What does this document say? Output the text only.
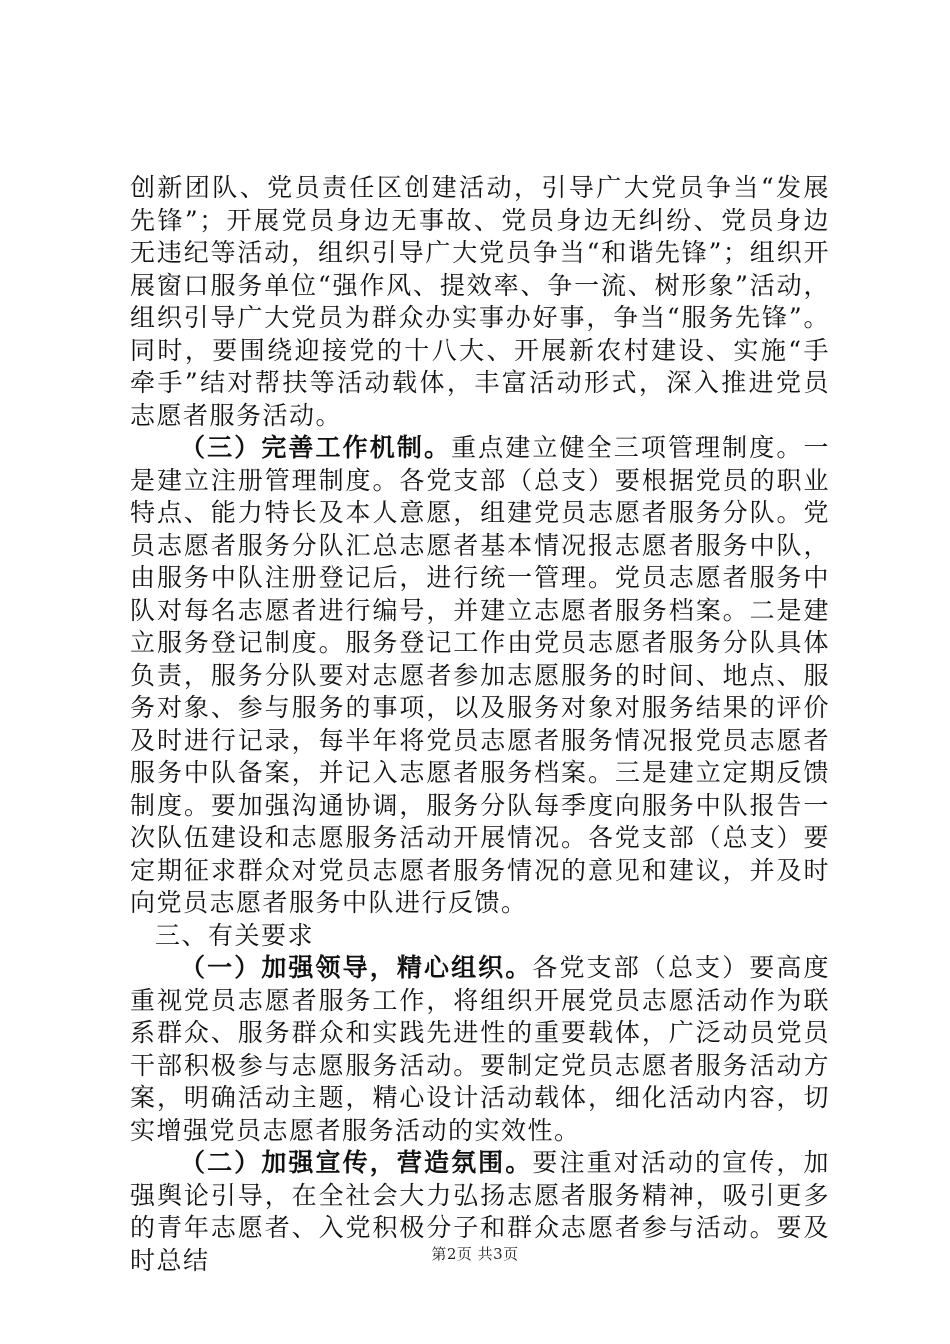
创新团队、党员责任区创建活动，引导广大党员争当“发展先锋”；开展党员身边无事故、党员身边无纠纷、党员身边无违纪等活动，组织引导广大党员争当“和谐先锋”；组织开展窗口服务单位“强作风、提效率、争一流、树形象”活动，组织引导广大党员为群众办实事办好事，争当“服务先锋”。同时，要围绕迎接党的十八大、开展新农村建设、实施“手牵手”结对帮扶等活动载体，丰富活动形式，深入推进党员志愿者服务活动。

（三）完善工作机制。重点建立健全三项管理制度。一是建立注册管理制度。各党支部（总支）要根据党员的职业特点、能力特长及本人意愿，组建党员志愿者服务分队。党员志愿者服务分队汇总志愿者基本情况报志愿者服务中队，由服务中队注册登记后，进行统一管理。党员志愿者服务中队对每名志愿者进行编号，并建立志愿者服务档案。二是建立服务登记制度。服务登记工作由党员志愿者服务分队具体负责，服务分队要对志愿者参加志愿服务的时间、地点、服务对象、参与服务的事项，以及服务对象对服务结果的评价及时进行记录，每半年将党员志愿者服务情况报党员志愿者服务中队备案，并记入志愿者服务档案。三是建立定期反馈制度。要加强沟通协调，服务分队每季度向服务中队报告一次队伍建设和志愿服务活动开展情况。各党支部（总支）要定期征求群众对党员志愿者服务情况的意见和建议，并及时向党员志愿者服务中队进行反馈。

三、有关要求

（一）加强领导，精心组织。各党支部（总支）要高度重视党员志愿者服务工作，将组织开展党员志愿活动作为联系群众、服务群众和实践先进性的重要载体，广泛动员党员干部积极参与志愿服务活动。要制定党员志愿者服务活动方案，明确活动主题，精心设计活动载体，细化活动内容，切实增强党员志愿者服务活动的实效性。

（二）加强宣传，营造氛围。要注重对活动的宣传，加强舆论引导，在全社会大力弘扬志愿者服务精神，吸引更多的青年志愿者、入党积极分子和群众志愿者参与活动。要及时总结	第2页 共3页
